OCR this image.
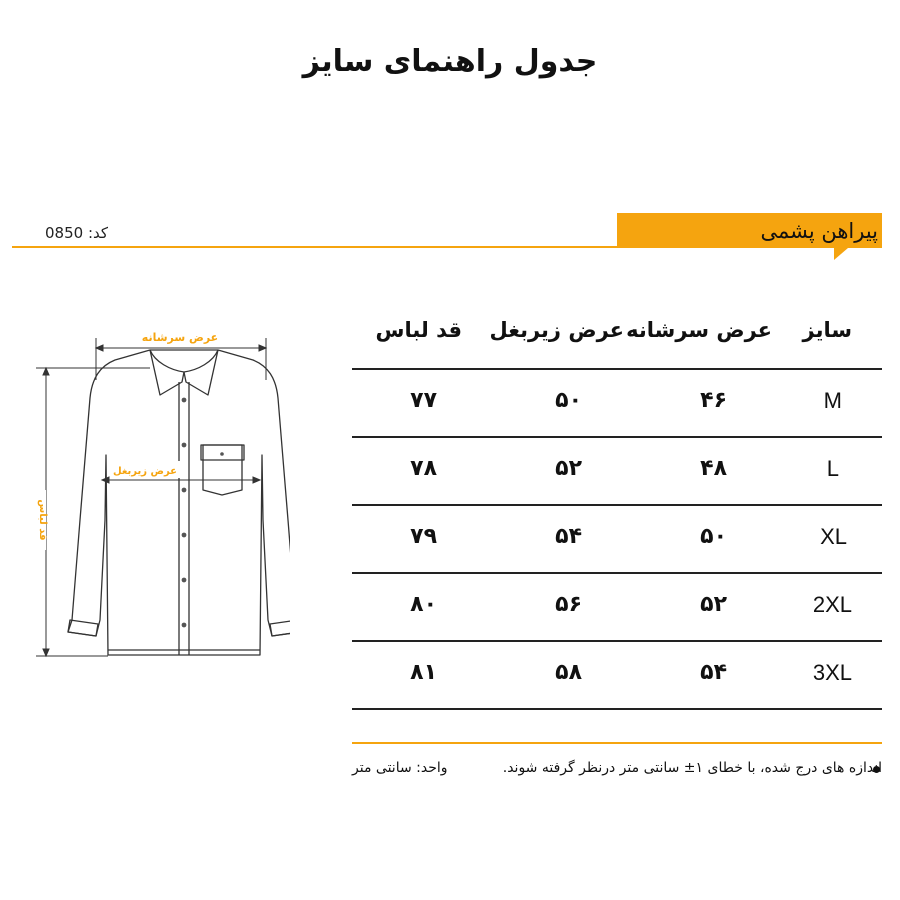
جدول راهنمای سایز
پیراهن پشمی
کد: 0850
عرض سرشانه
عرض زیربغل
قد لباس
سایز
عرض سرشانه
عرض زیربغل
قد لباس
M
۴۶
۵۰
۷۷
L
۴۸
۵۲
۷۸
XL
۵۰
۵۴
۷۹
2XL
۵۲
۵۶
۸۰
3XL
۵۴
۵۸
۸۱
اندازه های درج شده، با خطای ۱± سانتی متر درنظر گرفته شوند.
واحد: سانتی متر
